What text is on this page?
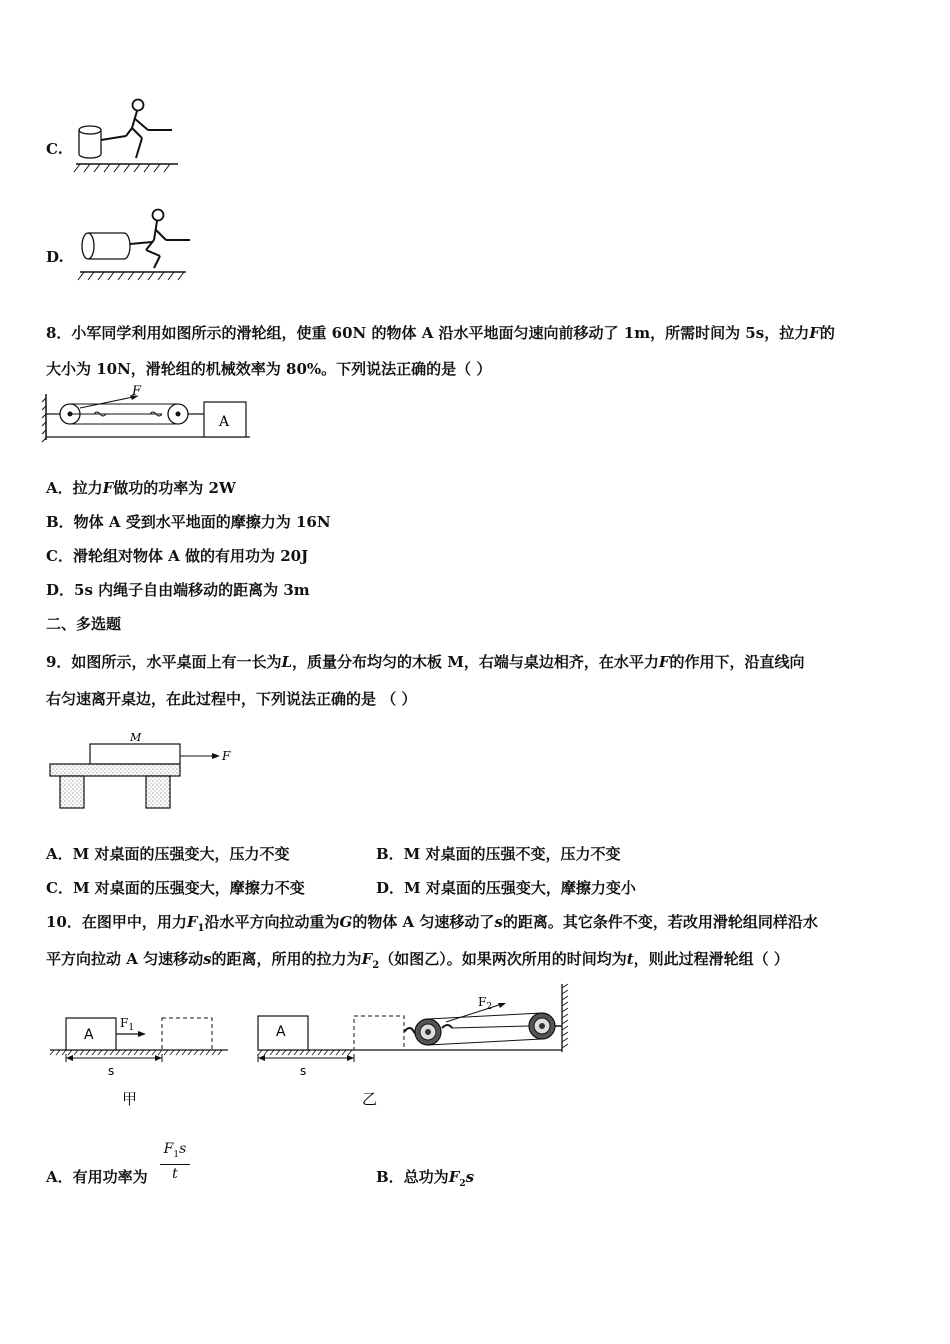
C.
D.
8．小军同学利用如图所示的滑轮组，使重 60N 的物体 A 沿水平地面匀速向前移动了 1m，所需时间为 5s，拉力F的
大小为 10N，滑轮组的机械效率为 80%。下列说法正确的是（ ）
F
A
A．拉力F做功的功率为 2W
B．物体 A 受到水平地面的摩擦力为 16N
C．滑轮组对物体 A 做的有用功为 20J
D．5s 内绳子自由端移动的距离为 3m
二、多选题
9．如图所示，水平桌面上有一长为L，质量分布均匀的木板 M，右端与桌边相齐，在水平力F的作用下，沿直线向
右匀速离开桌边，在此过程中，下列说法正确的是 （ ）
M
F
A．M 对桌面的压强变大，压力不变	B．M 对桌面的压强不变，压力不变
C．M 对桌面的压强变大，摩擦力不变	D．M 对桌面的压强变大，摩擦力变小
10．在图甲中，用力$F_1$沿水平方向拉动重为G的物体 A 匀速移动了s的距离。其它条件不变，若改用滑轮组同样沿水
平方向拉动 A 匀速移动s的距离，所用的拉力为$F_2$（如图乙）。如果两次所用的时间均为t，则此过程滑轮组（ ）
A
$F_1$
s
甲
A
$F_2$
s
乙
A．有用功率为 $\frac{F_1s}{t}$	B．总功为$F_2s$
